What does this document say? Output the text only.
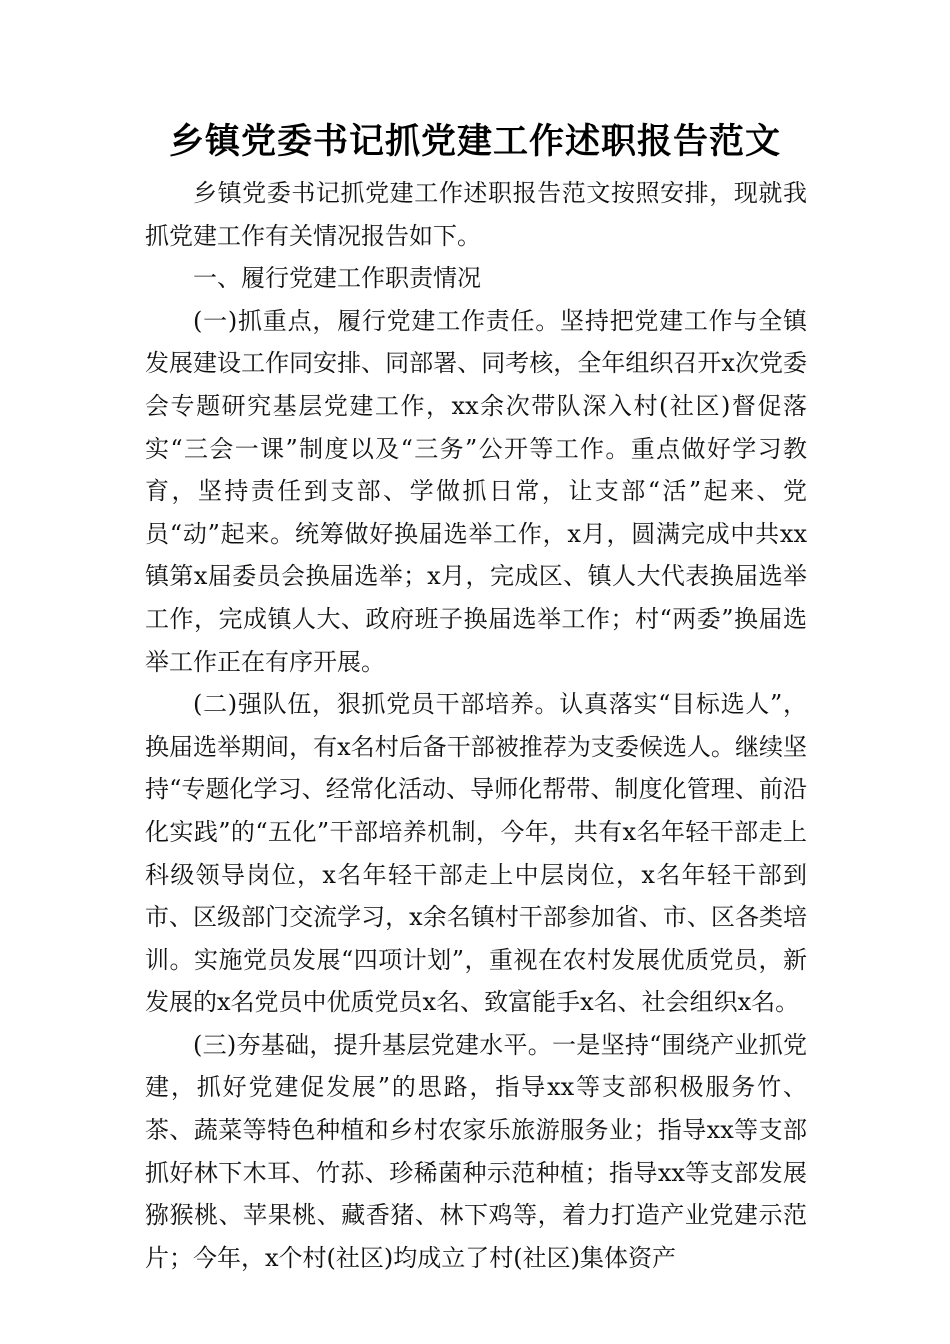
乡镇党委书记抓党建工作述职报告范文

乡镇党委书记抓党建工作述职报告范文按照安排，现就我抓党建工作有关情况报告如下。

一、履行党建工作职责情况

(一)抓重点，履行党建工作责任。坚持把党建工作与全镇发展建设工作同安排、同部署、同考核，全年组织召开x次党委会专题研究基层党建工作，xx余次带队深入村(社区)督促落实“三会一课”制度以及“三务”公开等工作。重点做好学习教育，坚持责任到支部、学做抓日常，让支部“活”起来、党员“动”起来。统筹做好换届选举工作，x月，圆满完成中共xx镇第x届委员会换届选举；x月，完成区、镇人大代表换届选举工作，完成镇人大、政府班子换届选举工作；村“两委”换届选举工作正在有序开展。

(二)强队伍，狠抓党员干部培养。认真落实“目标选人”，换届选举期间，有x名村后备干部被推荐为支委候选人。继续坚持“专题化学习、经常化活动、导师化帮带、制度化管理、前沿化实践”的“五化”干部培养机制，今年，共有x名年轻干部走上科级领导岗位，x名年轻干部走上中层岗位，x名年轻干部到市、区级部门交流学习，x余名镇村干部参加省、市、区各类培训。实施党员发展“四项计划”，重视在农村发展优质党员，新发展的x名党员中优质党员x名、致富能手x名、社会组织x名。

(三)夯基础，提升基层党建水平。一是坚持“围绕产业抓党建，抓好党建促发展”的思路，指导xx等支部积极服务竹、茶、蔬菜等特色种植和乡村农家乐旅游服务业；指导xx等支部抓好林下木耳、竹荪、珍稀菌种示范种植；指导xx等支部发展猕猴桃、苹果桃、藏香猪、林下鸡等，着力打造产业党建示范片；今年，x个村(社区)均成立了村(社区)集体资产
